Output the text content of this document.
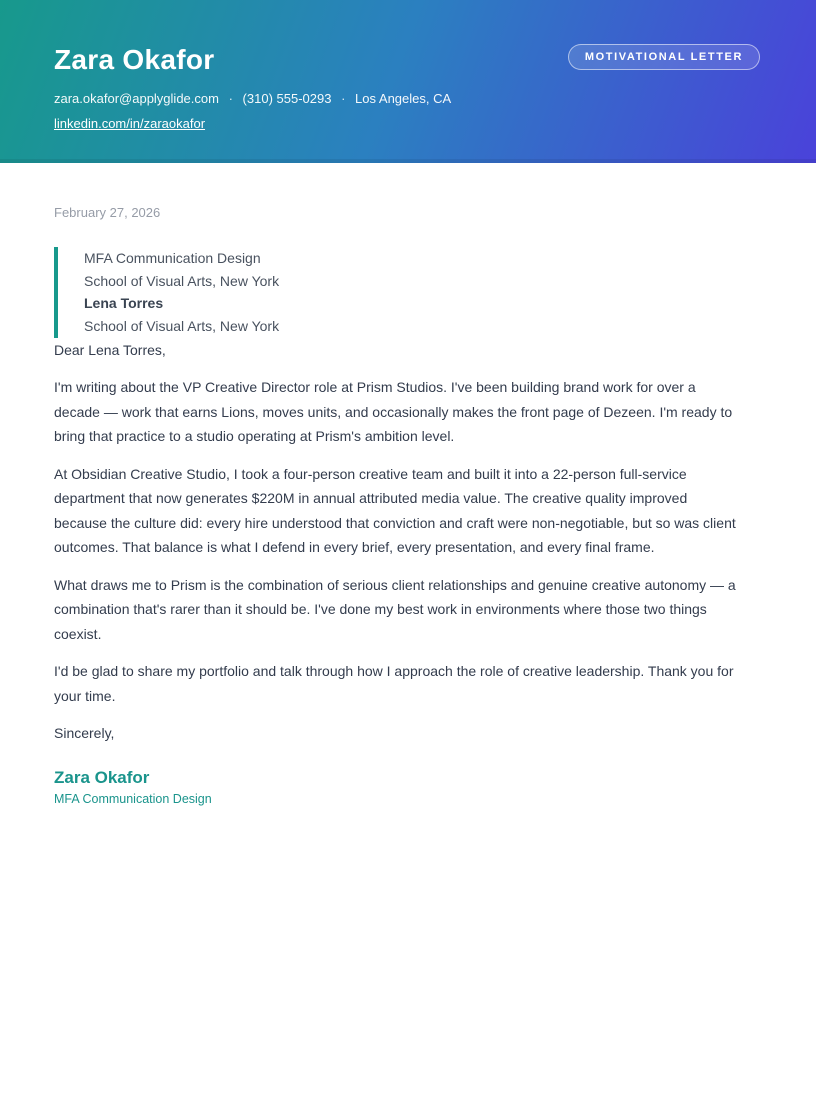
Zara Okafor
zara.okafor@applyglide.com · (310) 555-0293 · Los Angeles, CA
linkedin.com/in/zaraokafor
MOTIVATIONAL LETTER
February 27, 2026
MFA Communication Design
School of Visual Arts, New York
Lena Torres
School of Visual Arts, New York

Dear Lena Torres,

I'm writing about the VP Creative Director role at Prism Studios. I've been building brand work for over a decade — work that earns Lions, moves units, and occasionally makes the front page of Dezeen. I'm ready to bring that practice to a studio operating at Prism's ambition level.

At Obsidian Creative Studio, I took a four-person creative team and built it into a 22-person full-service department that now generates $220M in annual attributed media value. The creative quality improved because the culture did: every hire understood that conviction and craft were non-negotiable, but so was client outcomes. That balance is what I defend in every brief, every presentation, and every final frame.

What draws me to Prism is the combination of serious client relationships and genuine creative autonomy — a combination that's rarer than it should be. I've done my best work in environments where those two things coexist.

I'd be glad to share my portfolio and talk through how I approach the role of creative leadership. Thank you for your time.

Sincerely,

Zara Okafor
MFA Communication Design
